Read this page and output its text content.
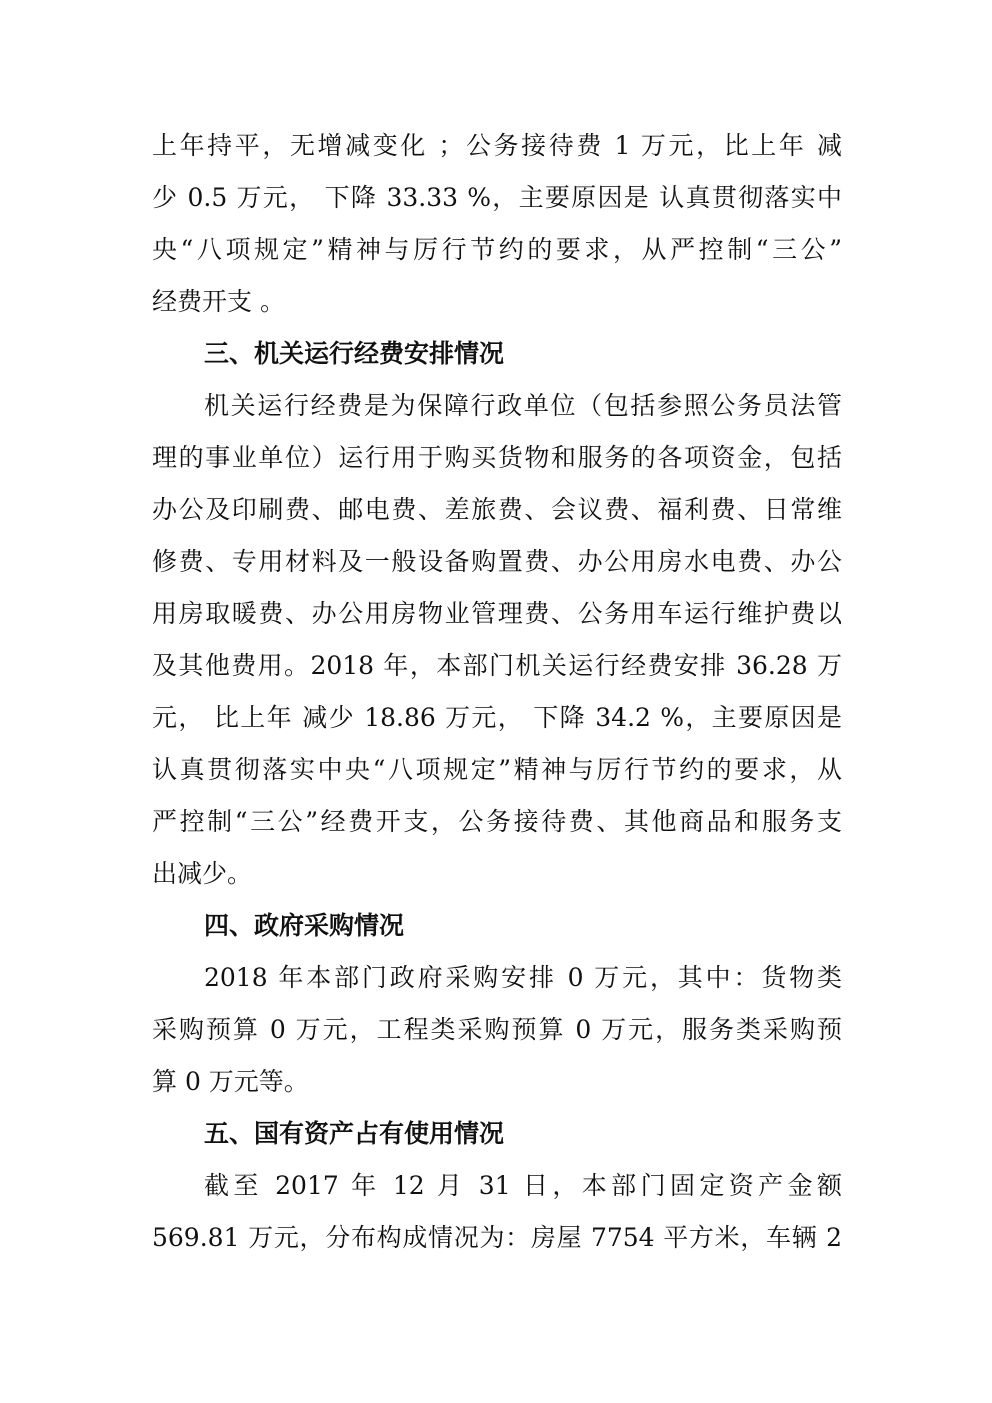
上年持平，无增减变化 ；公务接待费 1 万元，比上年 减
少 0.5 万元， 下降 33.33 %，主要原因是 认真贯彻落实中
央“八项规定”精神与厉行节约的要求，从严控制“三公”
经费开支 。
三、机关运行经费安排情况
机关运行经费是为保障行政单位（包括参照公务员法管
理的事业单位）运行用于购买货物和服务的各项资金，包括
办公及印刷费、邮电费、差旅费、会议费、福利费、日常维
修费、专用材料及一般设备购置费、办公用房水电费、办公
用房取暖费、办公用房物业管理费、公务用车运行维护费以
及其他费用。2018 年，本部门机关运行经费安排 36.28 万
元， 比上年 减少 18.86 万元， 下降 34.2 %，主要原因是
认真贯彻落实中央“八项规定”精神与厉行节约的要求，从
严控制“三公”经费开支，公务接待费、其他商品和服务支
出减少。
四、政府采购情况
2018 年本部门政府采购安排 0 万元，其中：货物类
采购预算 0 万元，工程类采购预算 0 万元，服务类采购预
算 0 万元等。
五、国有资产占有使用情况
截至 2017 年 12 月 31 日，本部门固定资产金额
569.81 万元，分布构成情况为：房屋 7754 平方米，车辆 2
